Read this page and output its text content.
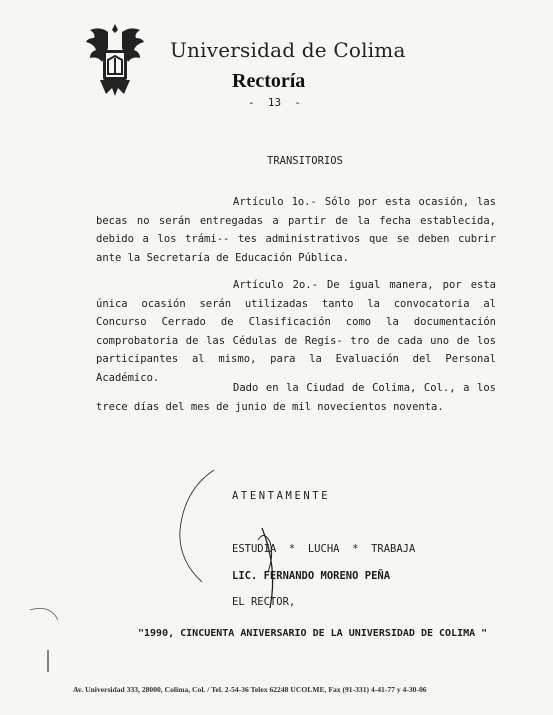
Universidad de Colima
Rectoría
-  13  -
TRANSITORIOS

Artículo 1o.- Sólo por esta ocasión, las becas no serán entregadas a partir de la fecha establecida, debido a los trámi-- tes administrativos que se deben cubrir ante la Secretaría de Educación Pública.

Artículo 2o.- De igual manera, por esta única ocasión serán utilizadas tanto la convocatoria al Concurso Cerrado de Clasificación como la documentación comprobatoria de las Cédulas de Regis- tro de cada uno de los participantes al mismo, para la Evaluación del Personal Académico.

Dado en la Ciudad de Colima, Col., a los trece días del mes de junio de mil novecientos noventa.

ATENTAMENTE

ESTUDIA  *  LUCHA  *  TRABAJA

EL RECTOR,

LIC. FERNANDO MORENO PEÑA
"1990, CINCUENTA ANIVERSARIO DE LA UNIVERSIDAD DE COLIMA "
Av. Universidad 333, 28000, Colima, Col. / Tel. 2-54-36 Telex 62248 UCOLME, Fax (91-331) 4-41-77 y 4-30-06
